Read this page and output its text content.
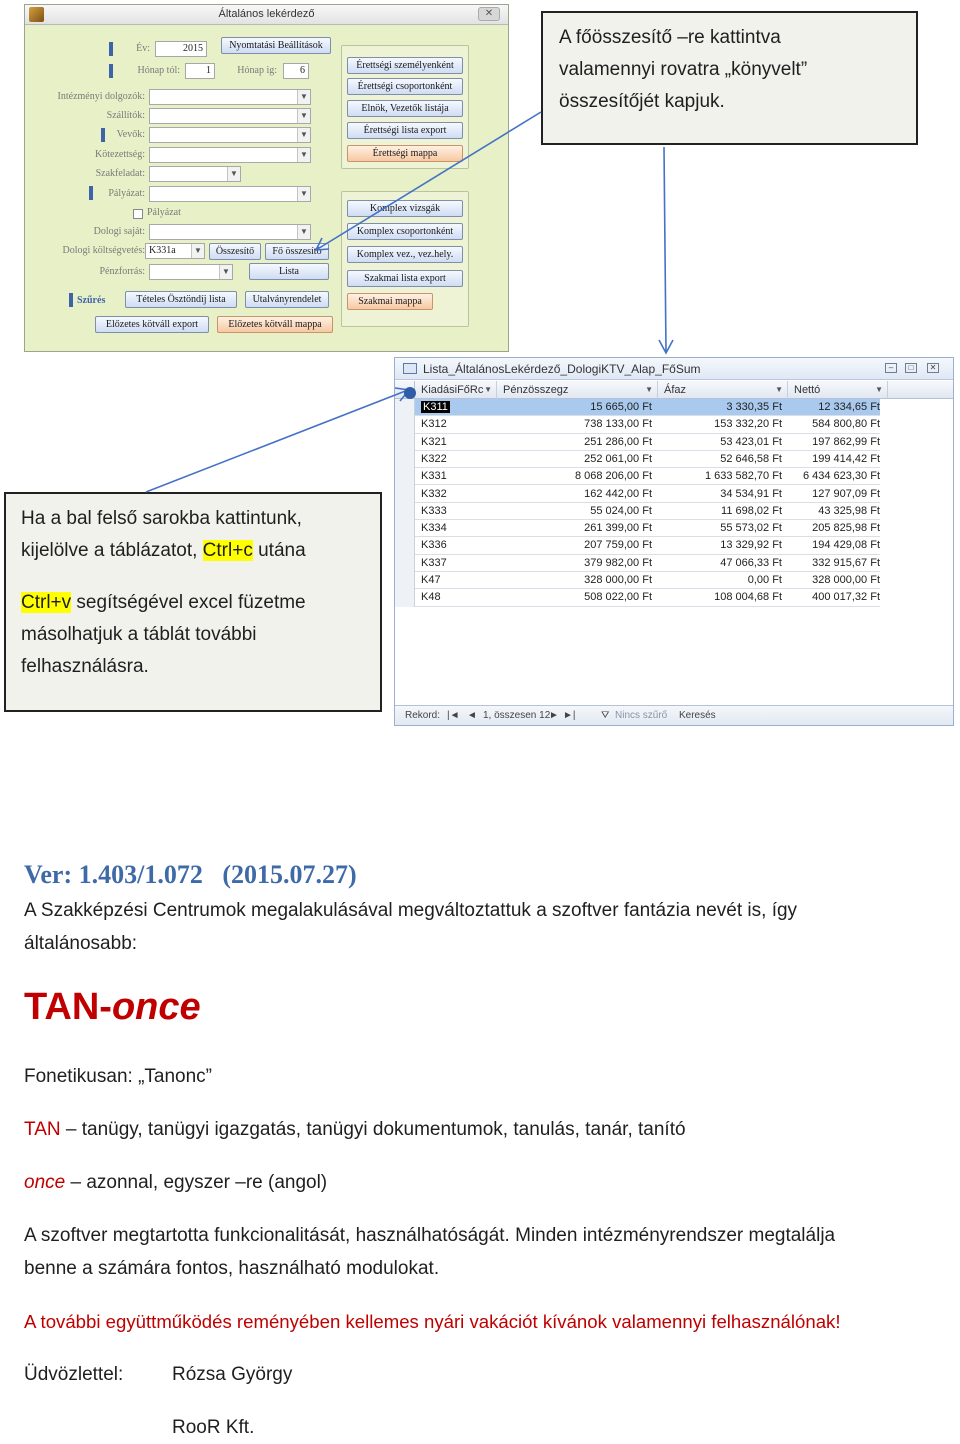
Általános lekérdező	✕
Év:	2015
Hónap tól:	1	Hónap ig:	6
Nyomtatási Beállítások
Intézményi dolgozók:	▼
Szállítók:	▼
Vevők:	▼
Kötezettség:	▼
Szakfeladat:	▼
Pályázat:	▼
Pályázat
Dologi saját:	▼
Dologi költségvetés: K331a	▼	Összesítő	Fő összesítő
Pénzforrás:	▼	Lista
Szűrés	Tételes Ösztöndíj lista	Utalványrendelet
Előzetes kötváll export	Előzetes kötváll mappa
Érettségi személyenként
Érettségi csoportonként
Elnök, Vezetők listája
Érettségi lista export
Érettségi mappa
Komplex vizsgák
Komplex csoportonként
Komplex vez., vez.hely.
Szakmai lista export
Szakmai mappa
A főösszesítő –re kattintva
valamennyi rovatra „könyvelt”
összesítőjét kapjuk.
Ha a bal felső sarokba kattintunk,
kijelölve a táblázatot, Ctrl+c utána
Ctrl+v segítségével excel füzetme
másolhatjuk a táblát további
felhasználásra.
Lista_ÁltalánosLekérdező_DologiKTV_Alap_FőSum	–	□	✕
KiadásiFőRc ▼	Pénzösszegz	▼	Áfaz	▼	Nettó	▼
K311	15 665,00 Ft	3 330,35 Ft	12 334,65 Ft
K312	738 133,00 Ft	153 332,20 Ft	584 800,80 Ft
K321	251 286,00 Ft	53 423,01 Ft	197 862,99 Ft
K322	252 061,00 Ft	52 646,58 Ft	199 414,42 Ft
K331	8 068 206,00 Ft	1 633 582,70 Ft	6 434 623,30 Ft
K332	162 442,00 Ft	34 534,91 Ft	127 907,09 Ft
K333	55 024,00 Ft	11 698,02 Ft	43 325,98 Ft
K334	261 399,00 Ft	55 573,02 Ft	205 825,98 Ft
K336	207 759,00 Ft	13 329,92 Ft	194 429,08 Ft
K337	379 982,00 Ft	47 066,33 Ft	332 915,67 Ft
K47	328 000,00 Ft	0,00 Ft	328 000,00 Ft
K48	508 022,00 Ft	108 004,68 Ft	400 017,32 Ft
Rekord: |◄ ◄ 1, összesen 12
► ►|	⛛ Nincs szűrő Keresés
Ver: 1.403/1.072   (2015.07.27)
A Szakképzési Centrumok megalakulásával megváltoztattuk a szoftver fantázia nevét is, így
általánosabb:
TAN-once
Fonetikusan: „Tanonc”
TAN – tanügy, tanügyi igazgatás, tanügyi dokumentumok, tanulás, tanár, tanító
once – azonnal, egyszer –re (angol)
A szoftver megtartotta funkcionalitását, használhatóságát. Minden intézményrendszer megtalálja
benne a számára fontos, használható modulokat.
A további együttműködés reményében kellemes nyári vakációt kívánok valamennyi felhasználónak!
Üdvözlettel:	Rózsa György
RooR Kft.
